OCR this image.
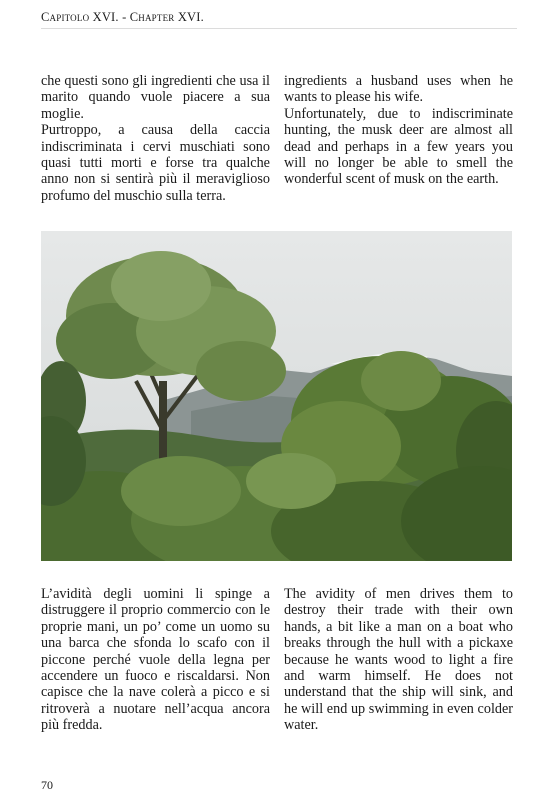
Capitolo XVI. - Chapter XVI.

che questi sono gli ingredienti che usa il marito quando vuole piacere a sua moglie.

Purtroppo, a causa della caccia indiscriminata i cervi muschiati sono quasi tutti morti e forse tra qualche anno non si sentirà più il meraviglioso profumo del muschio sulla terra.

ingredients a husband uses when he wants to please his wife.

Unfortunately, due to indiscriminate hunting, the musk deer are almost all dead and perhaps in a few years you will no longer be able to smell the wonderful scent of musk on the earth.

L’avidità degli uomini li spinge a distruggere il proprio commercio con le proprie mani, un po’ come un uomo su una barca che sfonda lo scafo con il piccone perché vuole della legna per accendere un fuoco e riscaldarsi. Non capisce che la nave colerà a picco e si ritroverà a nuotare nell’acqua ancora più fredda.

The avidity of men drives them to destroy their trade with their own hands, a bit like a man on a boat who breaks through the hull with a pickaxe because he wants wood to light a fire and warm himself. He does not understand that the ship will sink, and he will end up swimming in even colder water.

70
